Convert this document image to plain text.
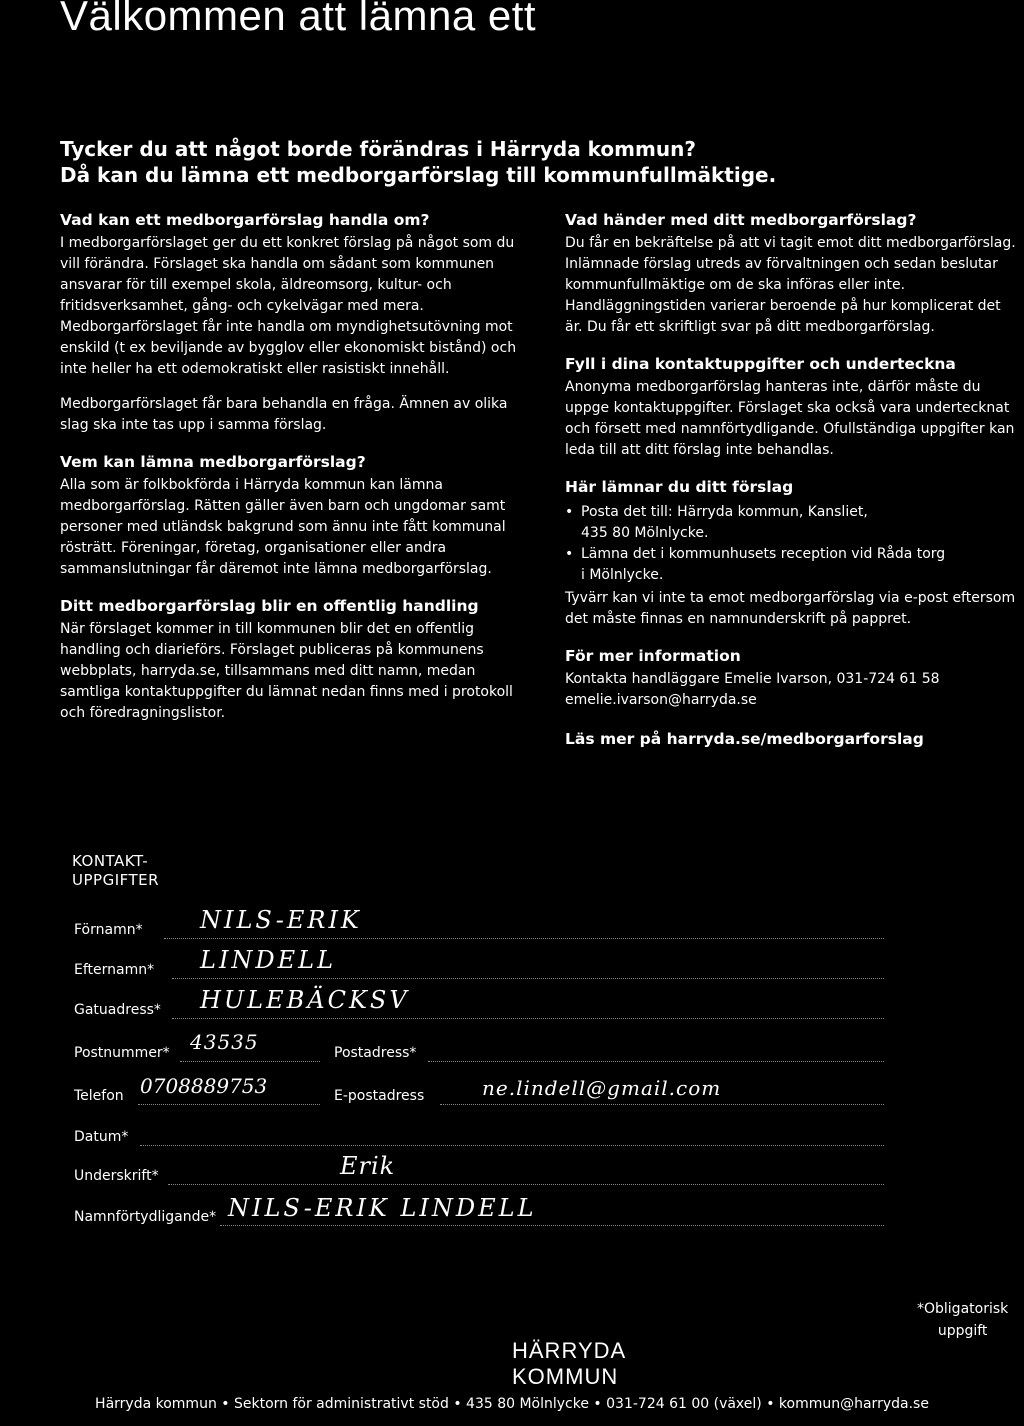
Välkommen att lämna ett
Tycker du att något borde förändras i Härryda kommun?
Då kan du lämna ett medborgarförslag till kommunfullmäktige.
Vad kan ett medborgarförslag handla om?

I medborgarförslaget ger du ett konkret förslag på något som du vill förändra. Förslaget ska handla om sådant som kommunen ansvarar för till exempel skola, äldreomsorg, kultur- och fritidsverksamhet, gång- och cykelvägar med mera. Medborgarförslaget får inte handla om myndighetsutövning mot enskild (t ex beviljande av bygglov eller ekonomiskt bistånd) och inte heller ha ett odemokratiskt eller rasistiskt innehåll.

Medborgarförslaget får bara behandla en fråga. Ämnen av olika slag ska inte tas upp i samma förslag.

Vem kan lämna medborgarförslag?

Alla som är folkbokförda i Härryda kommun kan lämna medborgarförslag. Rätten gäller även barn och ungdomar samt personer med utländsk bakgrund som ännu inte fått kommunal rösträtt. Föreningar, företag, organisationer eller andra sammanslutningar får däremot inte lämna medborgarförslag.

Ditt medborgarförslag blir en offentlig handling

När förslaget kommer in till kommunen blir det en offentlig handling och diarieförs. Förslaget publiceras på kommunens webbplats, harryda.se, tillsammans med ditt namn, medan samtliga kontaktuppgifter du lämnat nedan finns med i protokoll och föredragningslistor.

Vad händer med ditt medborgarförslag?

Du får en bekräftelse på att vi tagit emot ditt medborgarförslag. Inlämnade förslag utreds av förvaltningen och sedan beslutar kommunfullmäktige om de ska införas eller inte. Handläggningstiden varierar beroende på hur komplicerat det är. Du får ett skriftligt svar på ditt medborgarförslag.

Fyll i dina kontaktuppgifter och underteckna

Anonyma medborgarförslag hanteras inte, därför måste du uppge kontaktuppgifter. Förslaget ska också vara undertecknat och försett med namnförtydligande. Ofullständiga uppgifter kan leda till att ditt förslag inte behandlas.

Här lämnar du ditt förslag
• Posta det till: Härryda kommun, Kansliet,
435 80 Mölnlycke.
• Lämna det i kommunhusets reception vid Råda torg
i Mölnlycke.

Tyvärr kan vi inte ta emot medborgarförslag via e-post eftersom det måste finnas en namnunderskrift på pappret.

För mer information

Kontakta handläggare Emelie Ivarson, 031-724 61 58

emelie.ivarson@harryda.se

Läs mer på harryda.se/medborgarforslag

KONTAKT-
UPPGIFTER
Förnamn* NILS-ERIK
Efternamn* LINDELL
Gatuadress* HULEBÄCKSV
Postnummer* 43535	Postadress*
Telefon 0708889753	E-postadress	ne.lindell@gmail.com
Datum*
Underskrift*	Erik
Namnförtydligande* NILS-ERIK LINDELL
*Obligatorisk
uppgift
HÄRRYDA
KOMMUN
Härryda kommun • Sektorn för administrativt stöd • 435 80 Mölnlycke • 031-724 61 00 (växel) • kommun@harryda.se
